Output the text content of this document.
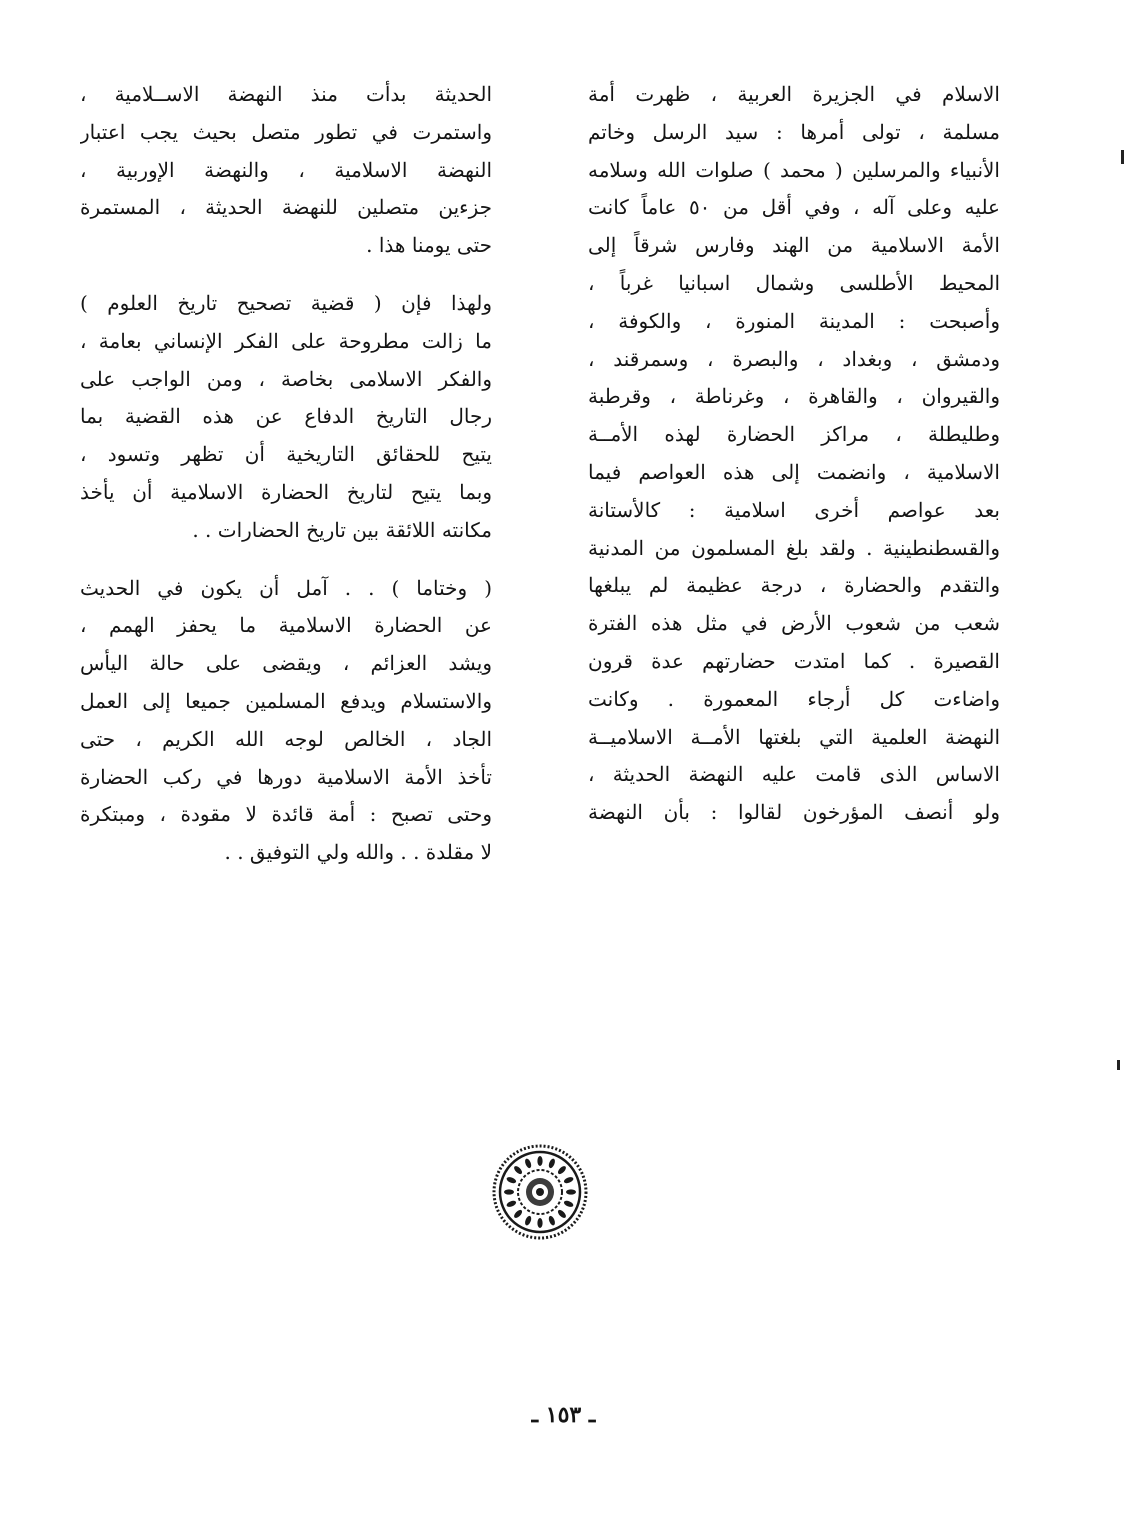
الاسلام في الجزيرة العربية ، ظهرت أمة
مسلمة ، تولى أمرها : سيد الرسل وخاتم
الأنبياء والمرسلين ( محمد ) صلوات الله وسلامه
عليه وعلى آله ، وفي أقل من ٥٠ عاماً كانت
الأمة الاسلامية من الهند وفارس شرقاً إلى
المحيط الأطلسى وشمال اسبانيا غرباً ،
وأصبحت : المدينة المنورة ، والكوفة ،
ودمشق ، وبغداد ، والبصرة ، وسمرقند ،
والقيروان ، والقاهرة ، وغرناطة ، وقرطبة
وطليطلة ، مراكز الحضارة لهذه الأمــة
الاسلامية ، وانضمت إلى هذه العواصم فيما
بعد عواصم أخرى اسلامية : كالأستانة
والقسطنطينية . ولقد بلغ المسلمون من المدنية
والتقدم والحضارة ، درجة عظيمة لم يبلغها
شعب من شعوب الأرض في مثل هذه الفترة
القصيرة . كما امتدت حضارتهم عدة قرون
واضاءت كل أرجاء المعمورة . وكانت
النهضة العلمية التي بلغتها الأمــة الاسلاميــة
الاساس الذى قامت عليه النهضة الحديثة ،
ولو أنصف المؤرخون لقالوا : بأن النهضة
الحديثة بدأت منذ النهضة الاســلامية ،
واستمرت في تطور متصل بحيث يجب اعتبار
النهضة الاسلامية ، والنهضة الإوربية ،
جزءين متصلين للنهضة الحديثة ، المستمرة
حتى يومنا هذا .
ولهذا فإن ( قضية تصحيح تاريخ العلوم )
ما زالت مطروحة على الفكر الإنساني بعامة ،
والفكر الاسلامى بخاصة ، ومن الواجب على
رجال التاريخ الدفاع عن هذه القضية بما
يتيح للحقائق التاريخية أن تظهر وتسود ،
وبما يتيح لتاريخ الحضارة الاسلامية أن يأخذ
مكانته اللائقة بين تاريخ الحضارات . .
( وختاما ) . . آمل أن يكون في الحديث
عن الحضارة الاسلامية ما يحفز الهمم ،
ويشد العزائم ، ويقضى على حالة اليأس
والاستسلام ويدفع المسلمين جميعا إلى العمل
الجاد ، الخالص لوجه الله الكريم ، حتى
تأخذ الأمة الاسلامية دورها في ركب الحضارة
وحتى تصبح : أمة قائدة لا مقودة ، ومبتكرة
لا مقلدة . . والله ولي التوفيق . .
ـ ١٥٣ ـ
